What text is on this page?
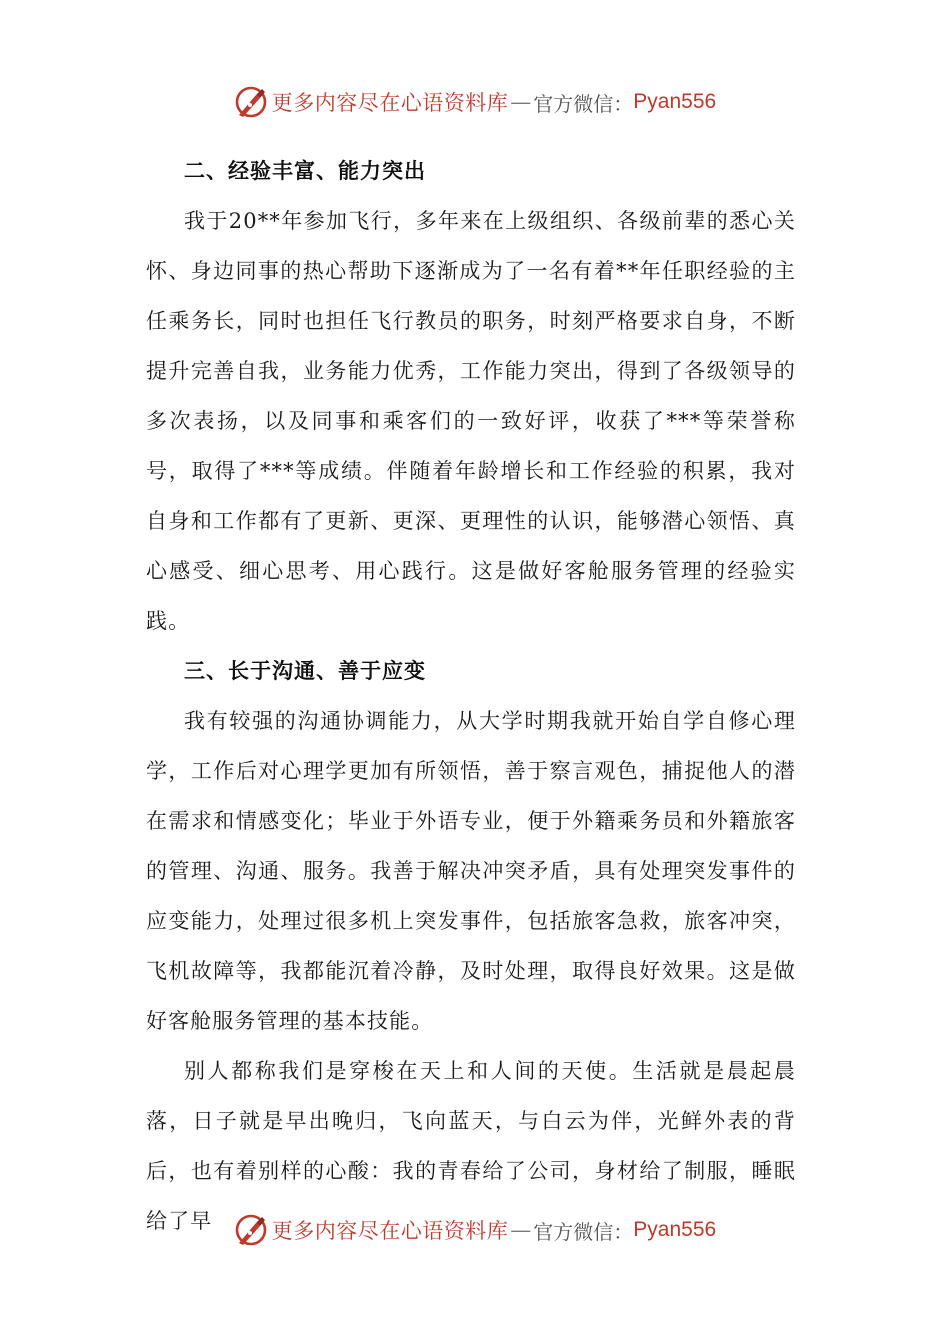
更多内容尽在心语资料库 — 官方微信： Pyan556
二、经验丰富、能力突出

我于20**年参加飞行，多年来在上级组织、各级前辈的悉心关怀、身边同事的热心帮助下逐渐成为了一名有着**年任职经验的主任乘务长，同时也担任飞行教员的职务，时刻严格要求自身，不断提升完善自我，业务能力优秀，工作能力突出，得到了各级领导的多次表扬，以及同事和乘客们的一致好评，收获了***等荣誉称号，取得了***等成绩。伴随着年龄增长和工作经验的积累，我对自身和工作都有了更新、更深、更理性的认识，能够潜心领悟、真心感受、细心思考、用心践行。这是做好客舱服务管理的经验实践。

三、长于沟通、善于应变

我有较强的沟通协调能力，从大学时期我就开始自学自修心理学，工作后对心理学更加有所领悟，善于察言观色，捕捉他人的潜在需求和情感变化；毕业于外语专业，便于外籍乘务员和外籍旅客的管理、沟通、服务。我善于解决冲突矛盾，具有处理突发事件的应变能力，处理过很多机上突发事件，包括旅客急救，旅客冲突，飞机故障等，我都能沉着冷静，及时处理，取得良好效果。这是做好客舱服务管理的基本技能。

别人都称我们是穿梭在天上和人间的天使。生活就是晨起晨落，日子就是早出晚归，飞向蓝天，与白云为伴，光鲜外表的背后，也有着别样的心酸：我的青春给了公司，身材给了制服，睡眠给了早	更多内容尽在心语资料库 — 官方微信： Pyan556
